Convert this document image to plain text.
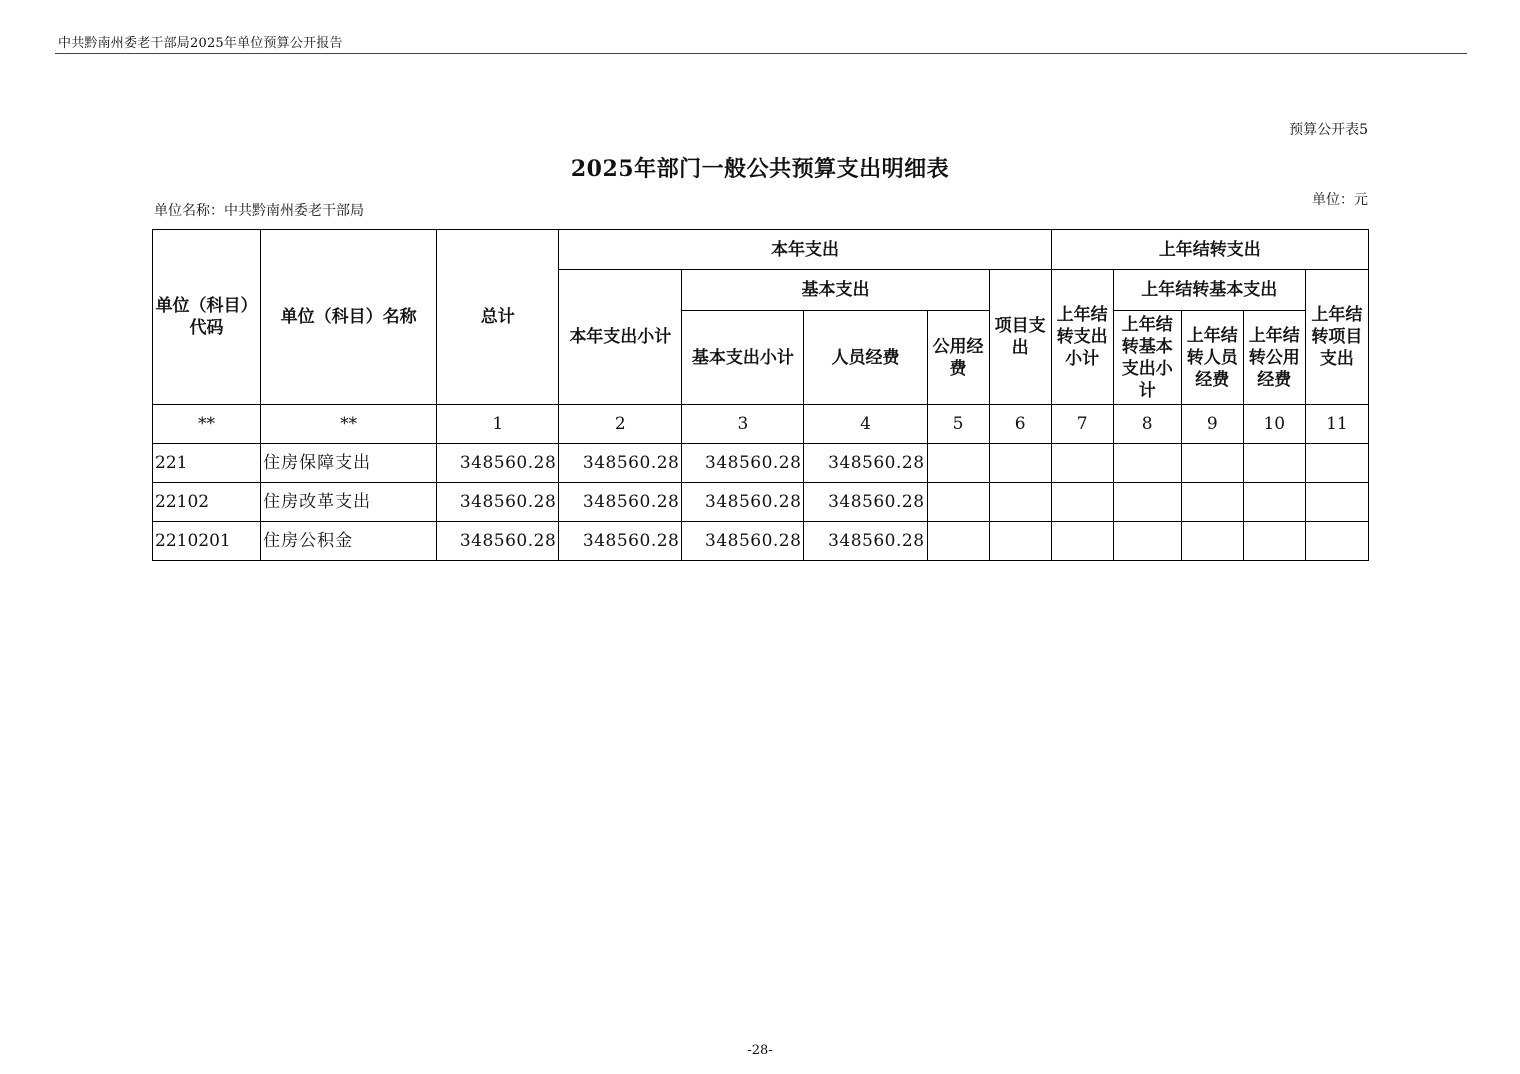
中共黔南州委老干部局2025年单位预算公开报告
预算公开表5
2025年部门一般公共预算支出明细表
单位：元
单位名称：中共黔南州委老干部局
单位（科目）代码	单位（科目）名称	总计	本年支出					上年结转支出				
			本年支出小计	基本支出			项目支出	上年结转支出小计	上年结转基本支出			上年结转项目支出
				基本支出小计	人员经费	公用经费			上年结转基本支出小计	上年结转人员经费	上年结转公用经费	
**	**	1	2	3	4	5	6	7	8	9	10	11
221	住房保障支出	348560.28	348560.28	348560.28	348560.28							
22102	住房改革支出	348560.28	348560.28	348560.28	348560.28							
2210201	住房公积金	348560.28	348560.28	348560.28	348560.28							
-28-
